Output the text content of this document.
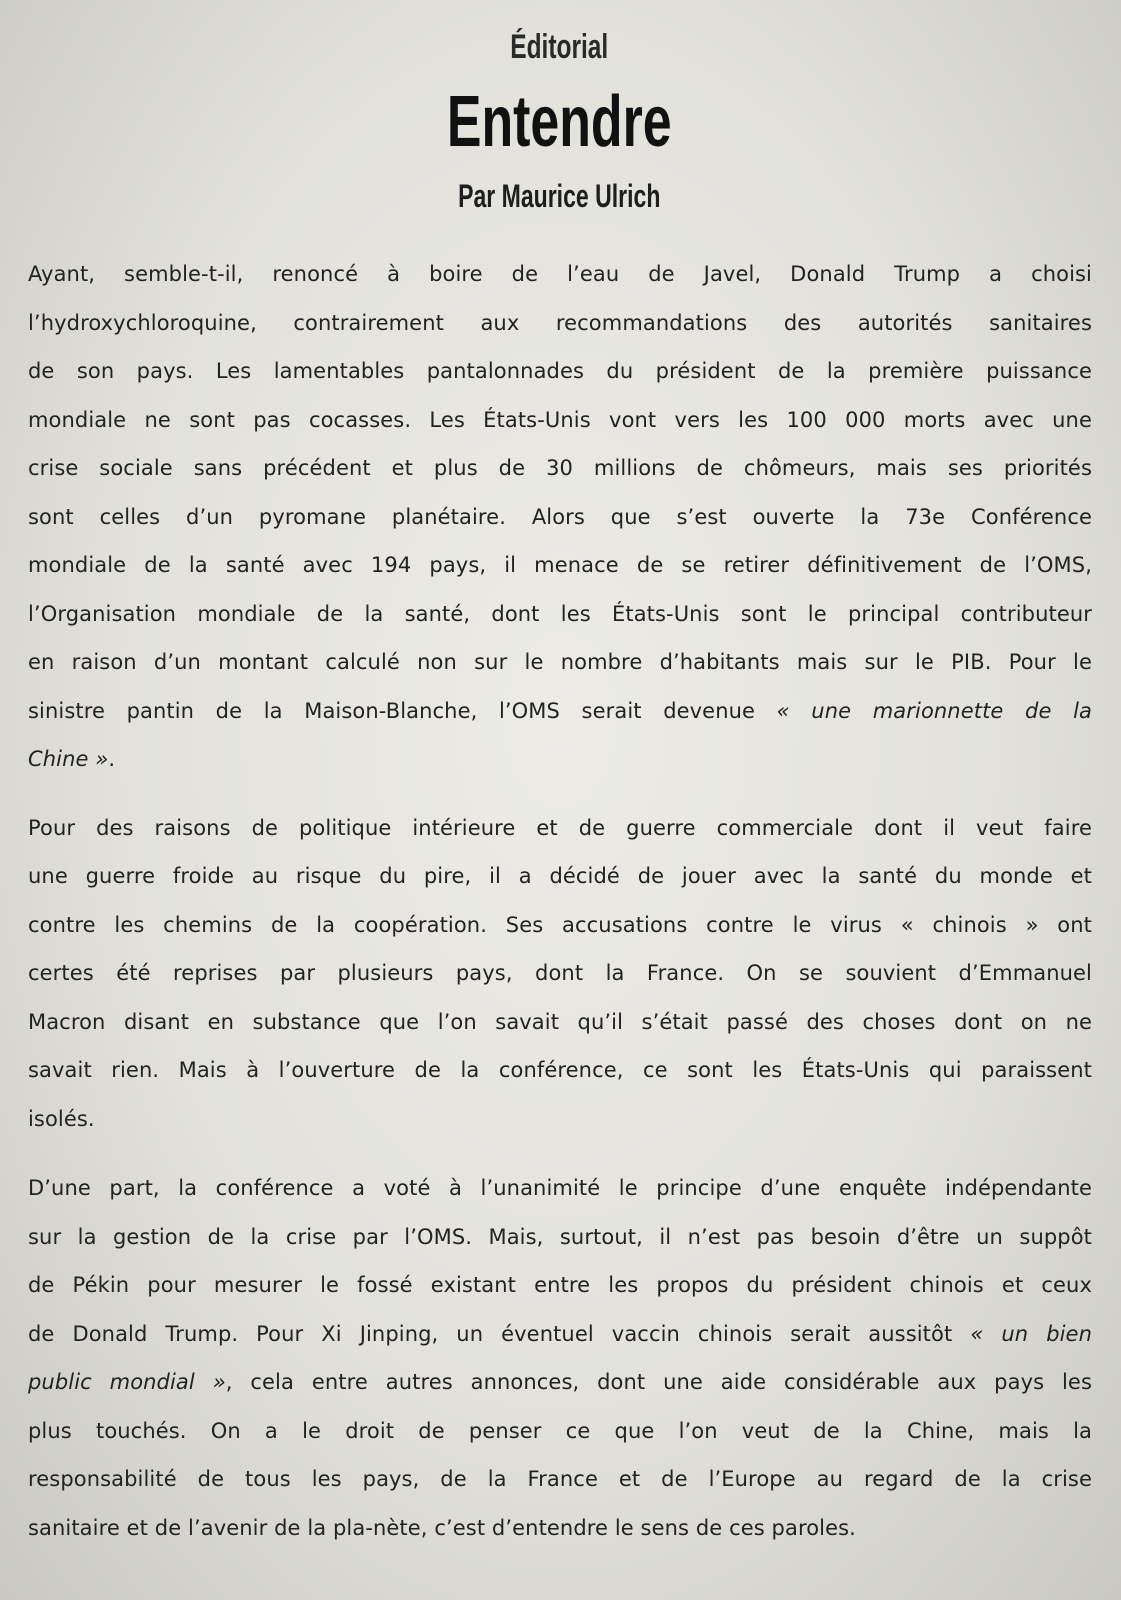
Éditorial
Entendre
Par Maurice Ulrich
Ayant, semble-t-il, renoncé à boire de l’eau de Javel, Donald Trump a choisi
l’hydroxychloroquine, contrairement aux recommandations des autorités sanitaires
de son pays. Les lamentables pantalonnades du président de la première puissance
mondiale ne sont pas cocasses. Les États-Unis vont vers les 100 000 morts avec une
crise sociale sans précédent et plus de 30 millions de chômeurs, mais ses priorités
sont celles d’un pyromane planétaire. Alors que s’est ouverte la 73e Conférence
mondiale de la santé avec 194 pays, il menace de se retirer définitivement de l’OMS,
l’Organisation mondiale de la santé, dont les États-Unis sont le principal contributeur
en raison d’un montant calculé non sur le nombre d’habitants mais sur le PIB. Pour le
sinistre pantin de la Maison-Blanche, l’OMS serait devenue « une marionnette de la
Chine ».
Pour des raisons de politique intérieure et de guerre commerciale dont il veut faire
une guerre froide au risque du pire, il a décidé de jouer avec la santé du monde et
contre les chemins de la coopération. Ses accusations contre le virus « chinois » ont
certes été reprises par plusieurs pays, dont la France. On se souvient d’Emmanuel
Macron disant en substance que l’on savait qu’il s’était passé des choses dont on ne
savait rien. Mais à l’ouverture de la conférence, ce sont les États-Unis qui paraissent
isolés.
D’une part, la conférence a voté à l’unanimité le principe d’une enquête indépendante
sur la gestion de la crise par l’OMS. Mais, surtout, il n’est pas besoin d’être un suppôt
de Pékin pour mesurer le fossé existant entre les propos du président chinois et ceux
de Donald Trump. Pour Xi Jinping, un éventuel vaccin chinois serait aussitôt « un bien
public mondial », cela entre autres annonces, dont une aide considérable aux pays les
plus touchés. On a le droit de penser ce que l’on veut de la Chine, mais la
responsabilité de tous les pays, de la France et de l’Europe au regard de la crise
sanitaire et de l’avenir de la pla-nète, c’est d’entendre le sens de ces paroles.
